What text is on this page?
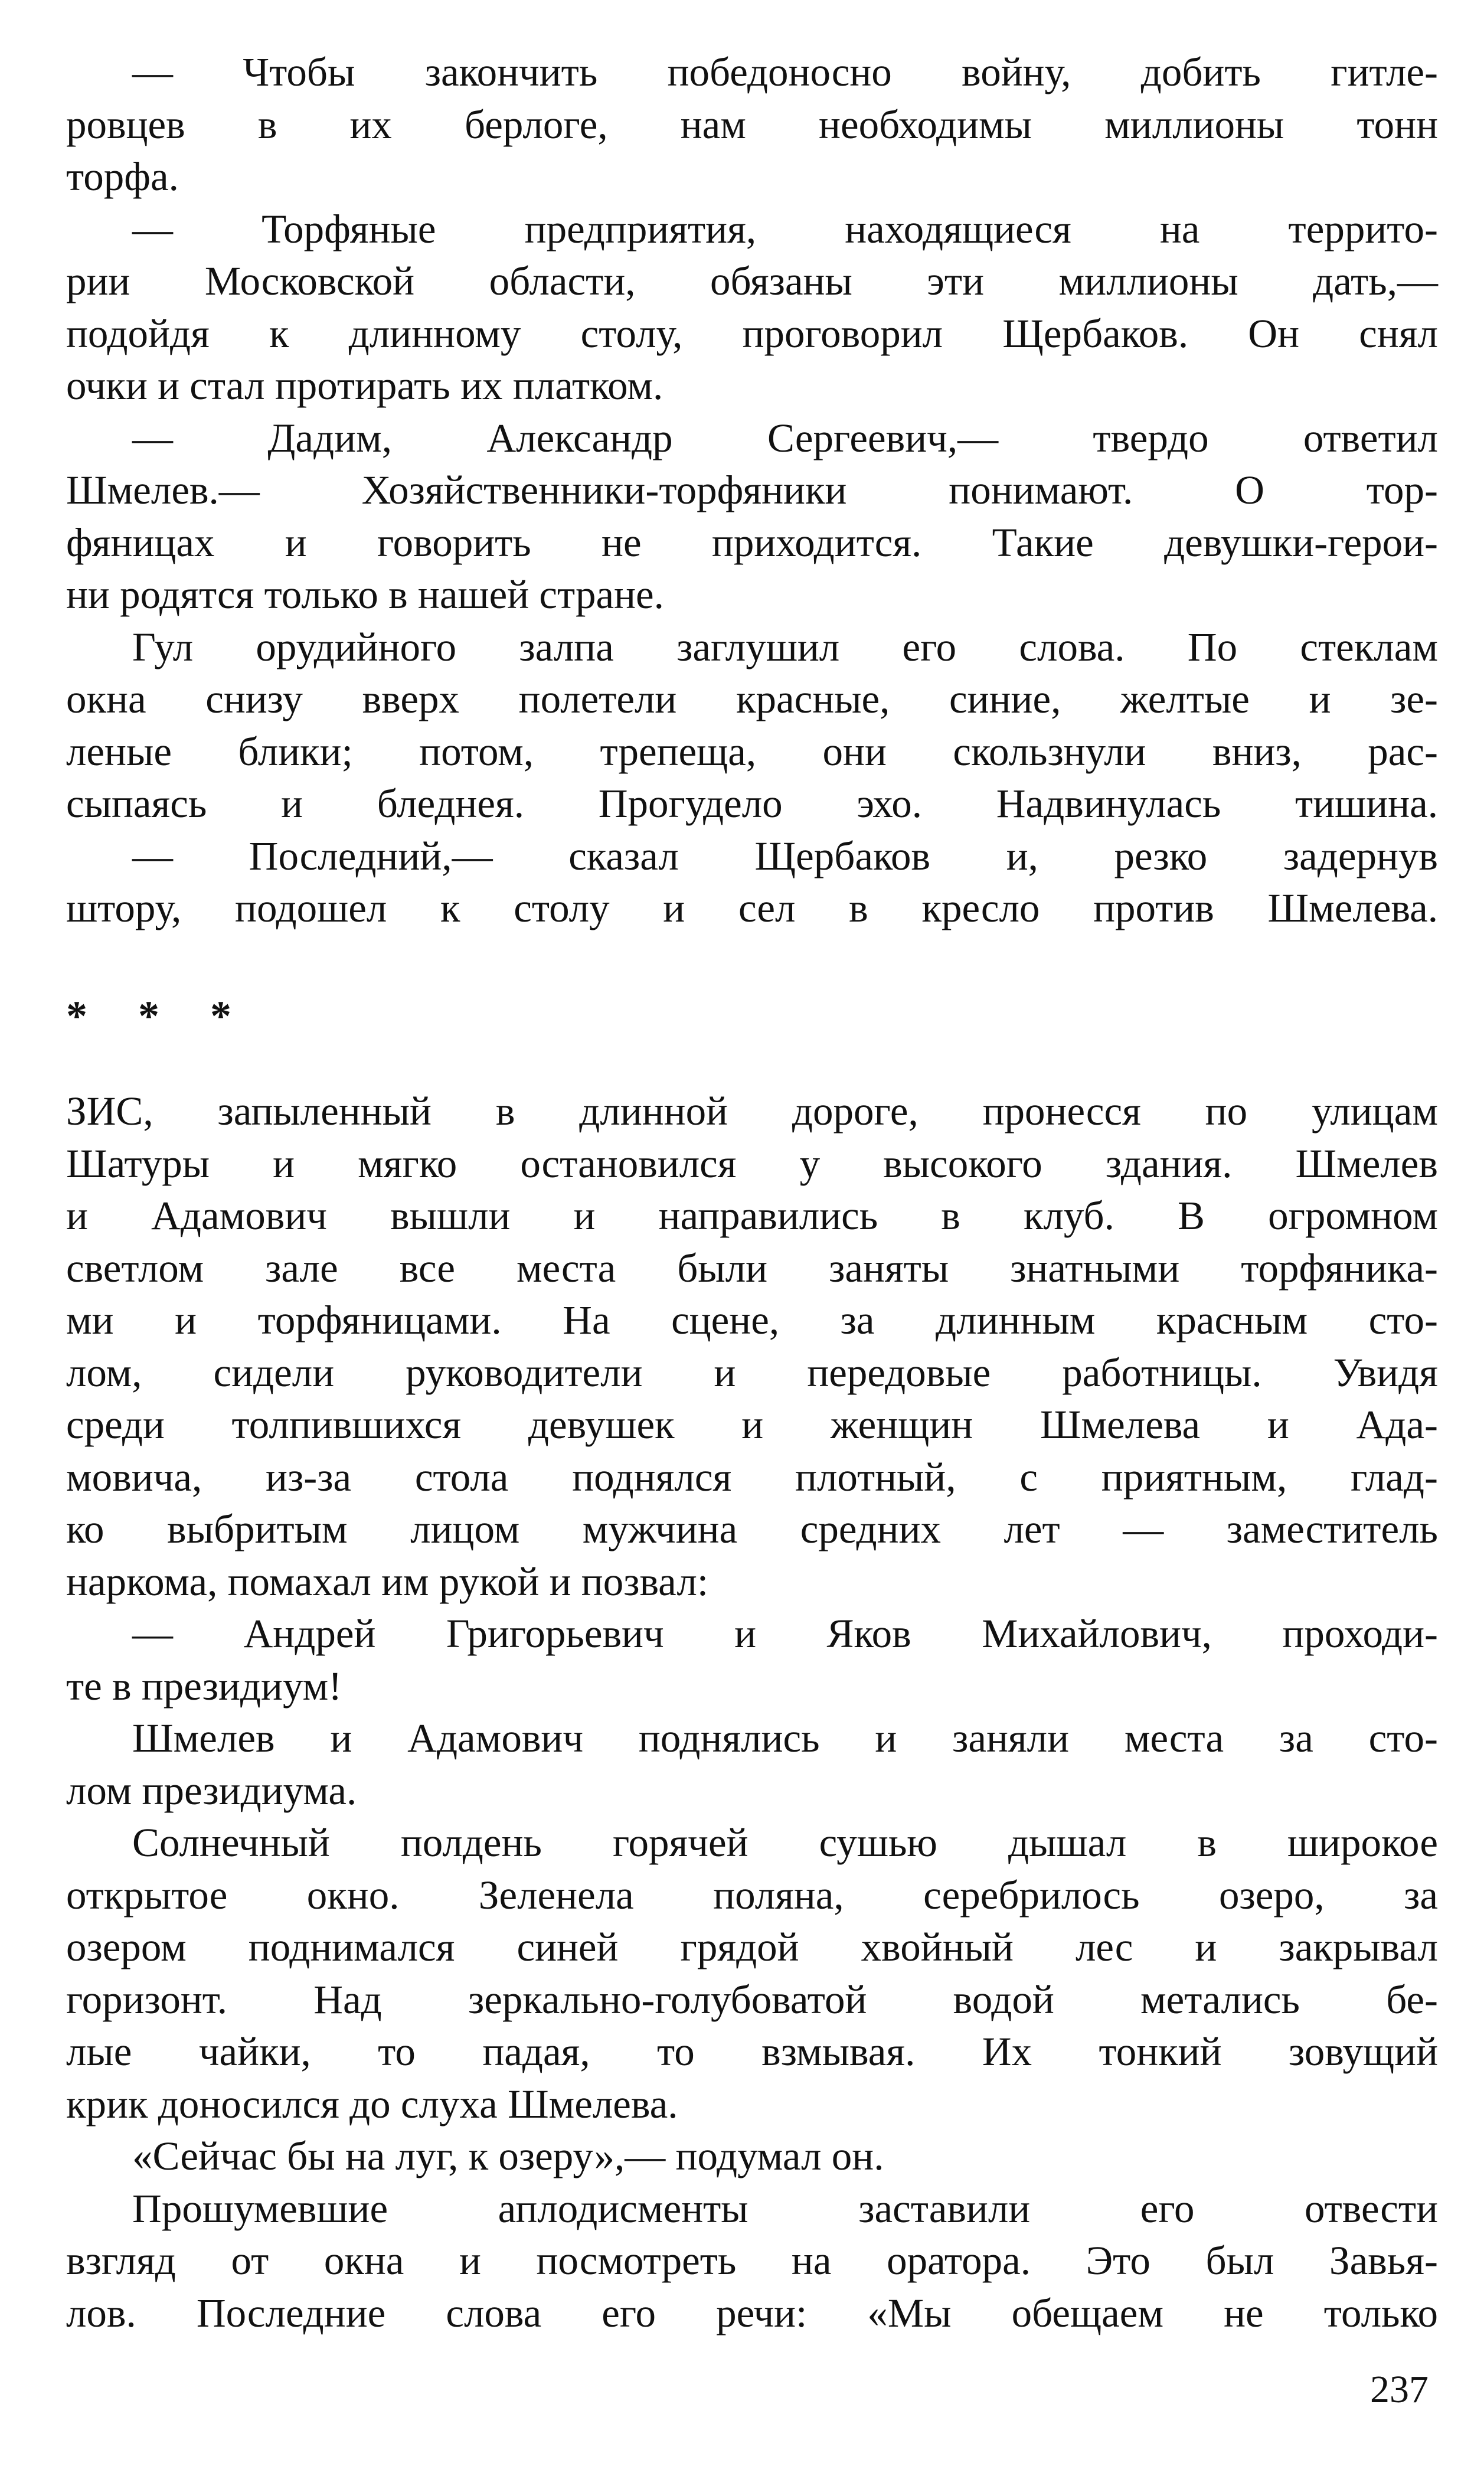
— Чтобы закончить победоносно войну, добить гитле-
ровцев в их берлоге, нам необходимы миллионы тонн
торфа.
— Торфяные предприятия, находящиеся на террито-
рии Московской области, обязаны эти миллионы дать,—
подойдя к длинному столу, проговорил Щербаков. Он снял
очки и стал протирать их платком.
— Дадим, Александр Сергеевич,— твердо ответил
Шмелев.— Хозяйственники-торфяники понимают. О тор-
фяницах и говорить не приходится. Такие девушки-герои-
ни родятся только в нашей стране.
Гул орудийного залпа заглушил его слова. По стеклам
окна снизу вверх полетели красные, синие, желтые и зе-
леные блики; потом, трепеща, они скользнули вниз, рас-
сыпаясь и бледнея. Прогудело эхо. Надвинулась тишина.
— Последний,— сказал Щербаков и, резко задернув
штору, подошел к столу и сел в кресло против Шмелева.
* * *
ЗИС, запыленный в длинной дороге, пронесся по улицам
Шатуры и мягко остановился у высокого здания. Шмелев
и Адамович вышли и направились в клуб. В огромном
светлом зале все места были заняты знатными торфяника-
ми и торфяницами. На сцене, за длинным красным сто-
лом, сидели руководители и передовые работницы. Увидя
среди толпившихся девушек и женщин Шмелева и Ада-
мовича, из-за стола поднялся плотный, с приятным, глад-
ко выбритым лицом мужчина средних лет — заместитель
наркома, помахал им рукой и позвал:
— Андрей Григорьевич и Яков Михайлович, проходи-
те в президиум!
Шмелев и Адамович поднялись и заняли места за сто-
лом президиума.
Солнечный полдень горячей сушью дышал в широкое
открытое окно. Зеленела поляна, серебрилось озеро, за
озером поднимался синей грядой хвойный лес и закрывал
горизонт. Над зеркально-голубоватой водой метались бе-
лые чайки, то падая, то взмывая. Их тонкий зовущий
крик доносился до слуха Шмелева.
«Сейчас бы на луг, к озеру»,— подумал он.
Прошумевшие аплодисменты заставили его отвести
взгляд от окна и посмотреть на оратора. Это был Завья-
лов. Последние слова его речи: «Мы обещаем не только
237
